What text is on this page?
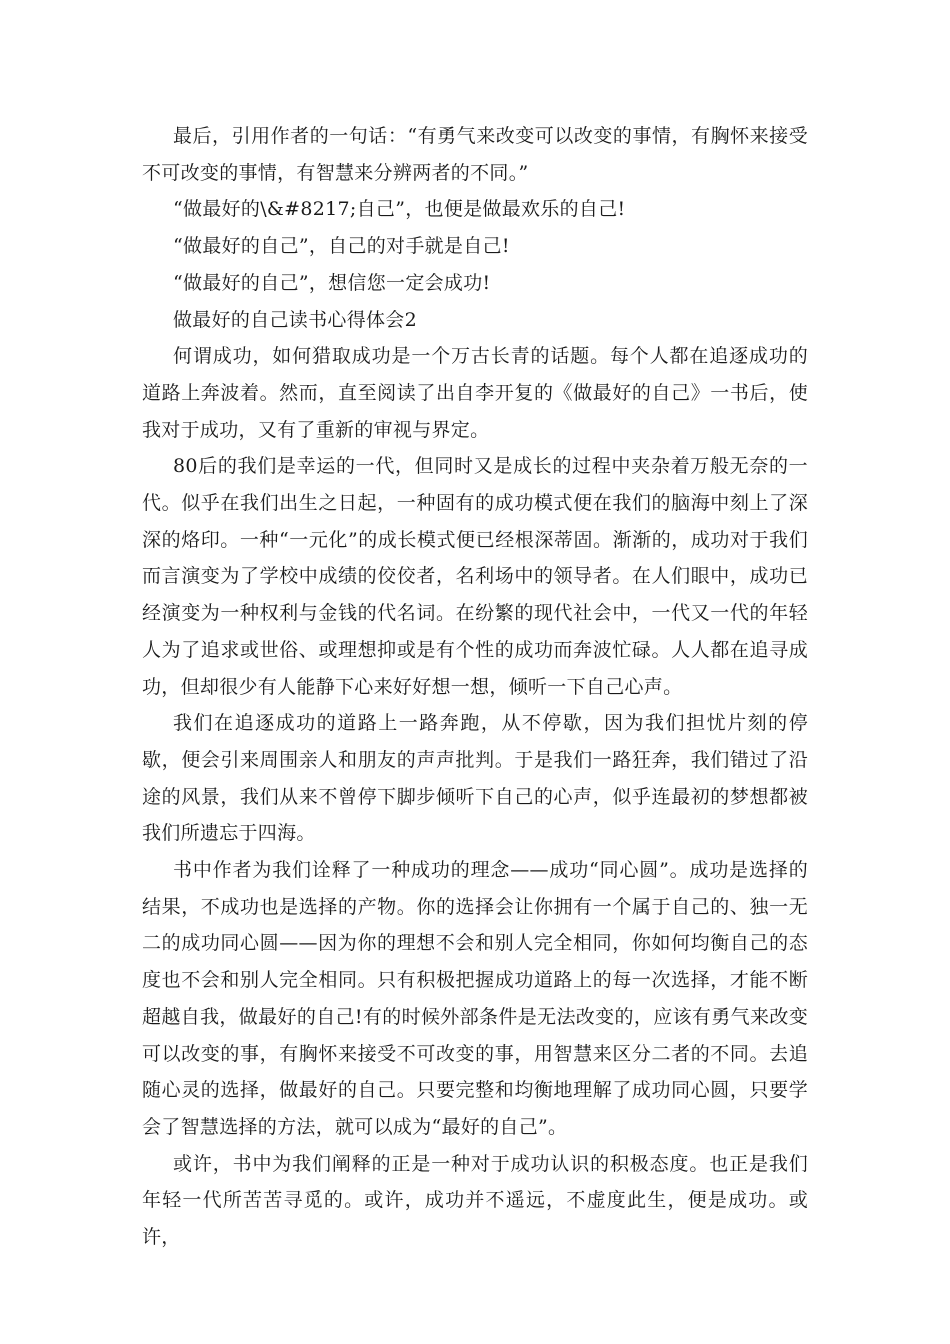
最后，引用作者的一句话：“有勇气来改变可以改变的事情，有胸怀来接受不可改变的事情，有智慧来分辨两者的不同。”

“做最好的\&#8217;自己”，也便是做最欢乐的自己!

“做最好的自己”，自己的对手就是自己!

“做最好的自己”，想信您一定会成功!

做最好的自己读书心得体会2

何谓成功，如何猎取成功是一个万古长青的话题。每个人都在追逐成功的道路上奔波着。然而，直至阅读了出自李开复的《做最好的自己》一书后，使我对于成功，又有了重新的审视与界定。

80后的我们是幸运的一代，但同时又是成长的过程中夹杂着万般无奈的一代。似乎在我们出生之日起，一种固有的成功模式便在我们的脑海中刻上了深深的烙印。一种“一元化”的成长模式便已经根深蒂固。渐渐的，成功对于我们而言演变为了学校中成绩的佼佼者，名利场中的领导者。在人们眼中，成功已经演变为一种权利与金钱的代名词。在纷繁的现代社会中，一代又一代的年轻人为了追求或世俗、或理想抑或是有个性的成功而奔波忙碌。人人都在追寻成功，但却很少有人能静下心来好好想一想，倾听一下自己心声。

我们在追逐成功的道路上一路奔跑，从不停歇，因为我们担忧片刻的停歇，便会引来周围亲人和朋友的声声批判。于是我们一路狂奔，我们错过了沿途的风景，我们从来不曾停下脚步倾听下自己的心声，似乎连最初的梦想都被我们所遗忘于四海。

书中作者为我们诠释了一种成功的理念——成功“同心圆”。成功是选择的结果，不成功也是选择的产物。你的选择会让你拥有一个属于自己的、独一无二的成功同心圆——因为你的理想不会和别人完全相同，你如何均衡自己的态度也不会和别人完全相同。只有积极把握成功道路上的每一次选择，才能不断超越自我，做最好的自己!有的时候外部条件是无法改变的，应该有勇气来改变可以改变的事，有胸怀来接受不可改变的事，用智慧来区分二者的不同。去追随心灵的选择，做最好的自己。只要完整和均衡地理解了成功同心圆，只要学会了智慧选择的方法，就可以成为“最好的自己”。

或许，书中为我们阐释的正是一种对于成功认识的积极态度。也正是我们年轻一代所苦苦寻觅的。或许，成功并不遥远，不虚度此生，便是成功。或许，
